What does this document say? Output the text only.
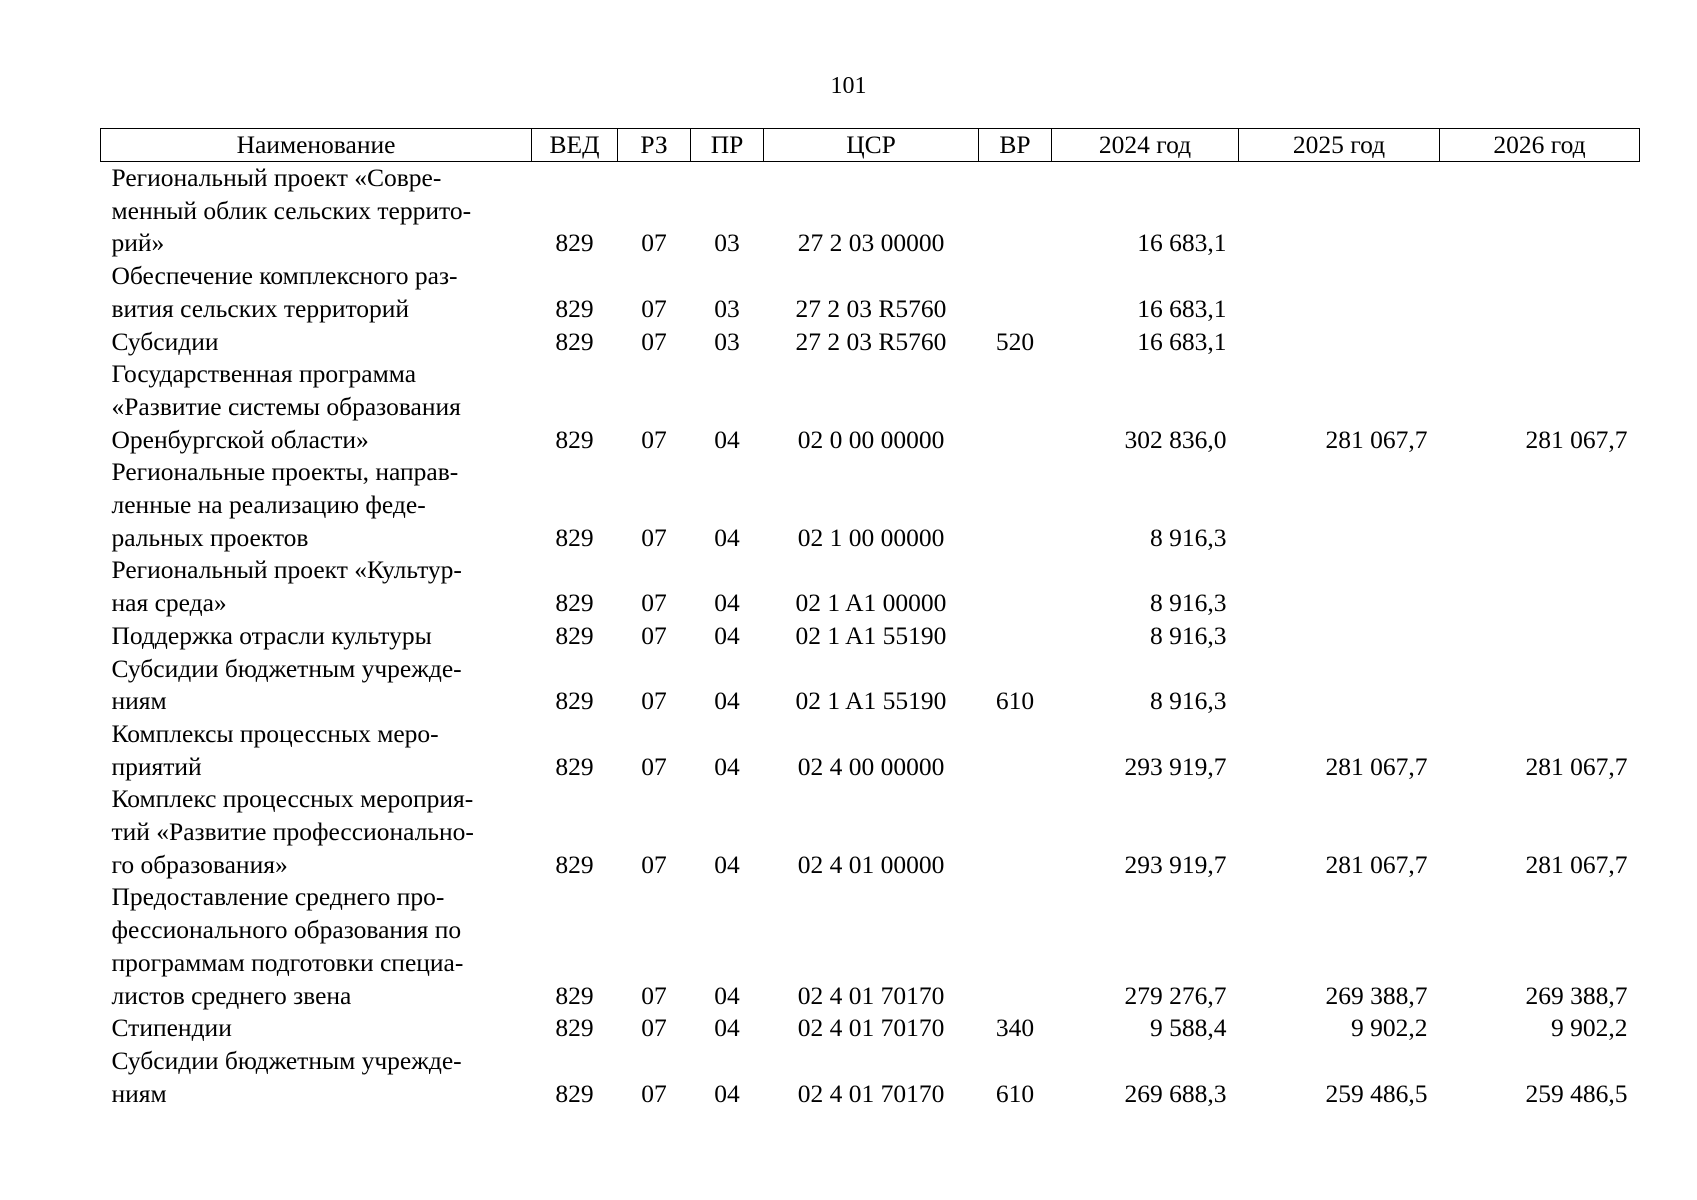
101
Наименование	ВЕД	РЗ	ПР	ЦСР	ВР	2024 год	2025 год	2026 год

Региональный проект «Совре-
менный облик сельских террито-
рий»	829	07	03	27 2 03 00000		16 683,1		

Обеспечение комплексного раз-
вития сельских территорий	829	07	03	27 2 03 R5760		16 683,1		

Субсидии	829	07	03	27 2 03 R5760	520	16 683,1		

Государственная программа
«Развитие системы образования
Оренбургской области»	829	07	04	02 0 00 00000		302 836,0	281 067,7	281 067,7

Региональные проекты, направ-
ленные на реализацию феде-
ральных проектов	829	07	04	02 1 00 00000		8 916,3		

Региональный проект «Культур-
ная среда»	829	07	04	02 1 A1 00000		8 916,3		

Поддержка отрасли культуры	829	07	04	02 1 A1 55190		8 916,3		

Субсидии бюджетным учрежде-
ниям	829	07	04	02 1 A1 55190	610	8 916,3		

Комплексы процессных меро-
приятий	829	07	04	02 4 00 00000		293 919,7	281 067,7	281 067,7

Комплекс процессных мероприя-
тий «Развитие профессионально-
го образования»	829	07	04	02 4 01 00000		293 919,7	281 067,7	281 067,7

Предоставление среднего про-
фессионального образования по
программам подготовки специа-
листов среднего звена	829	07	04	02 4 01 70170		279 276,7	269 388,7	269 388,7

Стипендии	829	07	04	02 4 01 70170	340	9 588,4	9 902,2	9 902,2

Субсидии бюджетным учрежде-
ниям	829	07	04	02 4 01 70170	610	269 688,3	259 486,5	259 486,5
